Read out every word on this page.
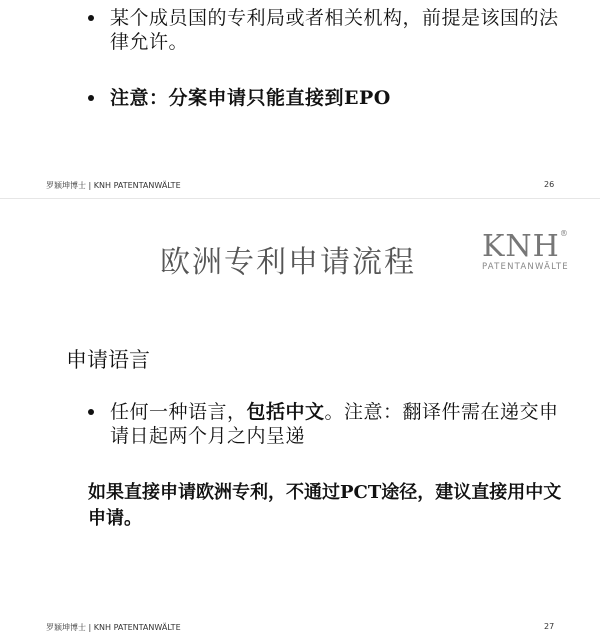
某个成员国的专利局或者相关机构，前提是该国的法律允许。
注意：分案申请只能直接到EPO
罗颖坤博士 | KNH PATENTANWÄLTE	26
欧洲专利申请流程 KNH®
PATENTANWÄLTE
申请语言
任何一种语言，包括中文。注意：翻译件需在递交申请日起两个月之内呈递
如果直接申请欧洲专利，不通过PCT途径，建议直接用中文申请。
罗颖坤博士 | KNH PATENTANWÄLTE	27
